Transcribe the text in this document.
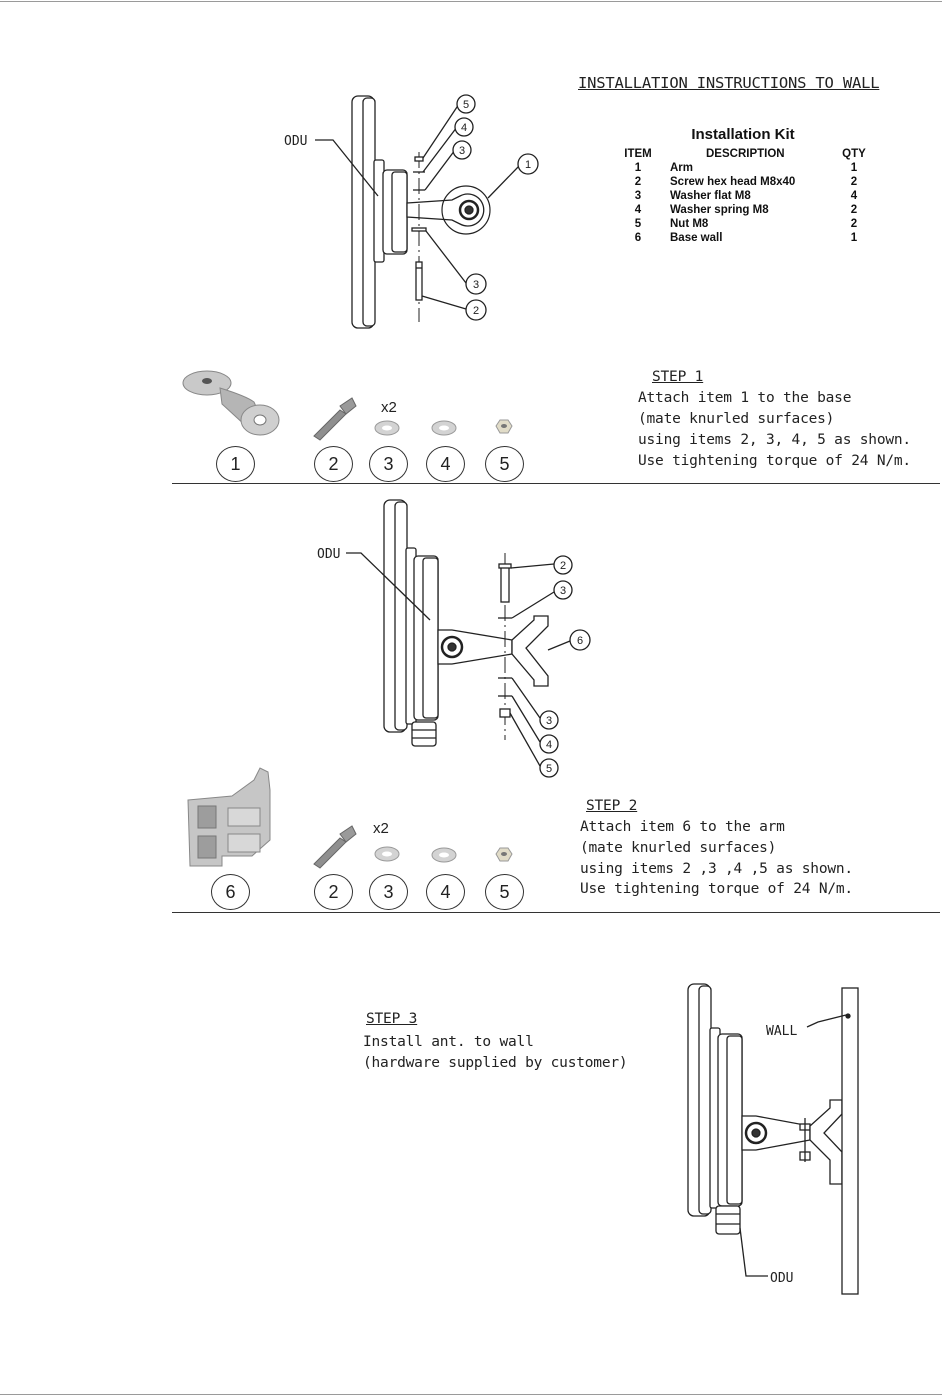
INSTALLATION INSTRUCTIONS TO WALL
Installation Kit
ITEM	DESCRIPTION	QTY
1	Arm	1
2	Screw hex head M8x40	2
3	Washer flat M8	4
4	Washer spring M8	2
5	Nut M8	2
6	Base wall	1
ODU
5
4
3
1
3
2
x2
1	2	3	4	5
STEP 1
Attach item 1 to the base
(mate knurled surfaces)
using items 2, 3, 4, 5 as shown.
Use tightening torque of 24 N/m.
ODU
2
3
6
3
4
5
x2
6	2	3	4	5
STEP 2
Attach item 6 to the arm
(mate knurled surfaces)
using items 2 ,3 ,4 ,5 as shown.
Use tightening torque of 24 N/m.
STEP 3
Install ant. to wall
(hardware supplied by customer)
WALL
ODU
